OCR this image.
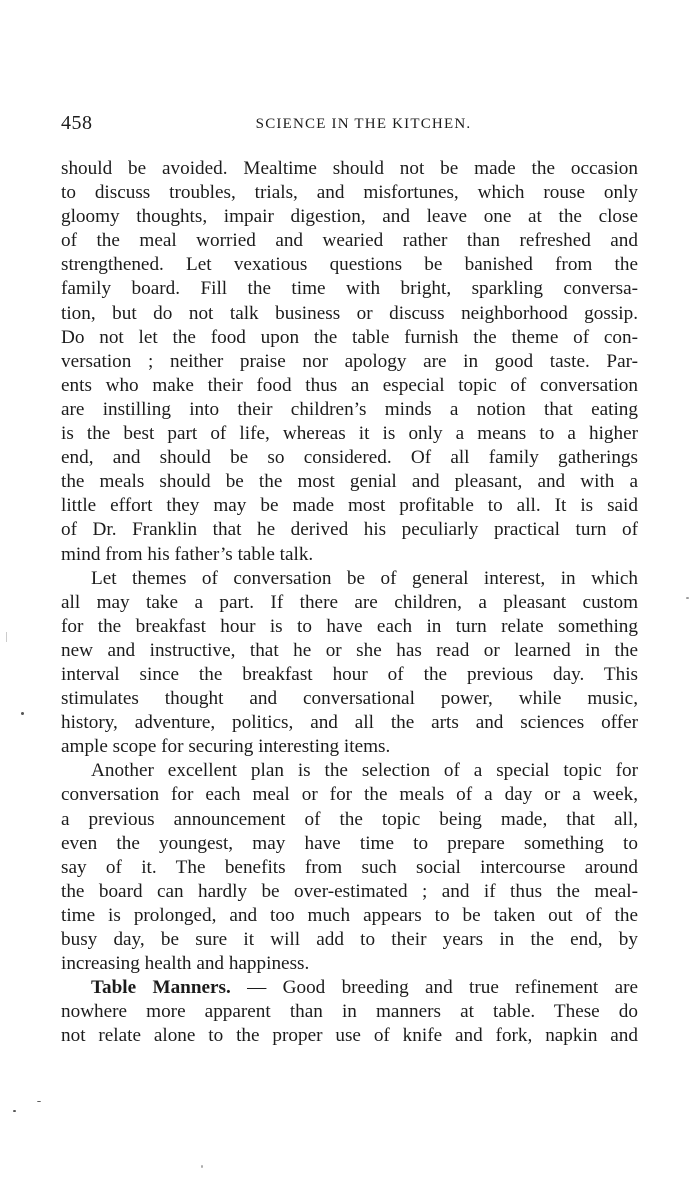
458	SCIENCE IN THE KITCHEN.
should be avoided. Mealtime should not be made the occasion
to discuss troubles, trials, and misfortunes, which rouse only
gloomy thoughts, impair digestion, and leave one at the close
of the meal worried and wearied rather than refreshed and
strengthened. Let vexatious questions be banished from the
family board. Fill the time with bright, sparkling conversa-
tion, but do not talk business or discuss neighborhood gossip.
Do not let the food upon the table furnish the theme of con-
versation ; neither praise nor apology are in good taste. Par-
ents who make their food thus an especial topic of conversation
are instilling into their children’s minds a notion that eating
is the best part of life, whereas it is only a means to a higher
end, and should be so considered. Of all family gatherings
the meals should be the most genial and pleasant, and with a
little effort they may be made most profitable to all. It is said
of Dr. Franklin that he derived his peculiarly practical turn of
mind from his father’s table talk.
Let themes of conversation be of general interest, in which
all may take a part. If there are children, a pleasant custom
for the breakfast hour is to have each in turn relate something
new and instructive, that he or she has read or learned in the
interval since the breakfast hour of the previous day. This
stimulates thought and conversational power, while music,
history, adventure, politics, and all the arts and sciences offer
ample scope for securing interesting items.
Another excellent plan is the selection of a special topic for
conversation for each meal or for the meals of a day or a week,
a previous announcement of the topic being made, that all,
even the youngest, may have time to prepare something to
say of it. The benefits from such social intercourse around
the board can hardly be over-estimated ; and if thus the meal-
time is prolonged, and too much appears to be taken out of the
busy day, be sure it will add to their years in the end, by
increasing health and happiness.
Table Manners. — Good breeding and true refinement are
nowhere more apparent than in manners at table. These do
not relate alone to the proper use of knife and fork, napkin and
